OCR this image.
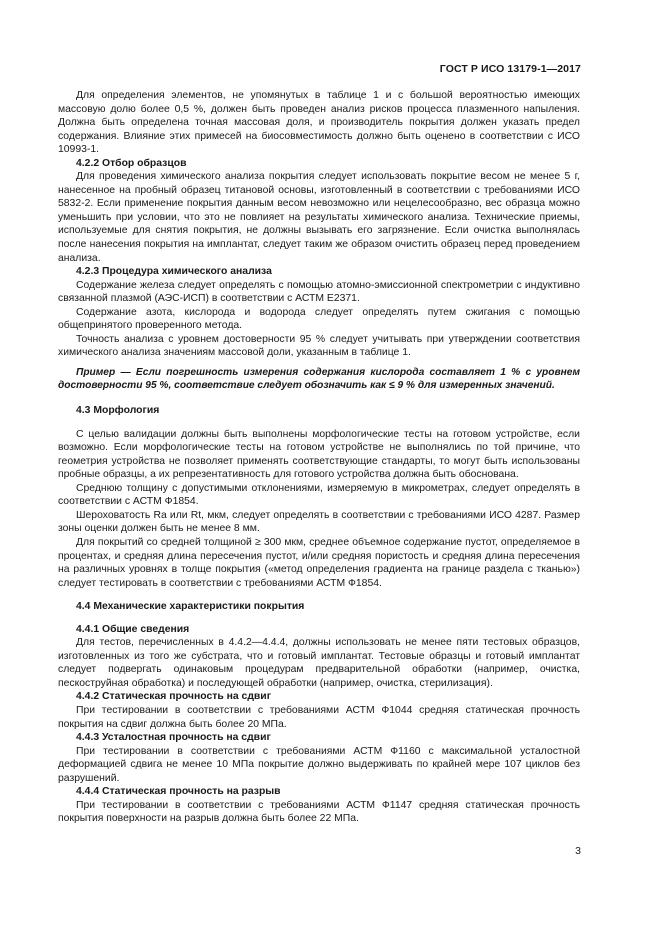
ГОСТ Р ИСО 13179-1—2017

Для определения элементов, не упомянутых в таблице 1 и с большой вероятностью имеющих массовую долю более 0,5 %, должен быть проведен анализ рисков процесса плазменного напыления. Должна быть определена точная массовая доля, и производитель покрытия должен указать предел содержания. Влияние этих примесей на биосовместимость должно быть оценено в соответствии с ИСО 10993-1.

4.2.2 Отбор образцов

Для проведения химического анализа покрытия следует использовать покрытие весом не менее 5 г, нанесенное на пробный образец титановой основы, изготовленный в соответствии с требованиями ИСО 5832-2. Если применение покрытия данным весом невозможно или нецелесообразно, вес образца можно уменьшить при условии, что это не повлияет на результаты химического анализа. Технические приемы, используемые для снятия покрытия, не должны вызывать его загрязнение. Если очистка выполнялась после нанесения покрытия на имплантат, следует таким же образом очистить образец перед проведением анализа.

4.2.3 Процедура химического анализа

Содержание железа следует определять с помощью атомно-эмиссионной спектрометрии с индуктивно связанной плазмой (АЭС-ИСП) в соответствии с АСТМ Е2371.

Содержание азота, кислорода и водорода следует определять путем сжигания с помощью общепринятого проверенного метода.

Точность анализа с уровнем достоверности 95 % следует учитывать при утверждении соответствия химического анализа значениям массовой доли, указанным в таблице 1.

Пример — Если погрешность измерения содержания кислорода составляет 1 % с уровнем достоверности 95 %, соответствие следует обозначить как ≤ 9 % для измеренных значений.

4.3 Морфология

С целью валидации должны быть выполнены морфологические тесты на готовом устройстве, если возможно. Если морфологические тесты на готовом устройстве не выполнялись по той причине, что геометрия устройства не позволяет применять соответствующие стандарты, то могут быть использованы пробные образцы, а их репрезентативность для готового устройства должна быть обоснована.

Среднюю толщину с допустимыми отклонениями, измеряемую в микрометрах, следует определять в соответствии с АСТМ Ф1854.

Шероховатость Ra или Rt, мкм, следует определять в соответствии с требованиями ИСО 4287. Размер зоны оценки должен быть не менее 8 мм.

Для покрытий со средней толщиной ≥ 300 мкм, среднее объемное содержание пустот, определяемое в процентах, и средняя длина пересечения пустот, и/или средняя пористость и средняя длина пересечения на различных уровнях в толще покрытия («метод определения градиента на границе раздела с тканью») следует тестировать в соответствии с требованиями АСТМ Ф1854.

4.4 Механические характеристики покрытия

4.4.1 Общие сведения

Для тестов, перечисленных в 4.4.2—4.4.4, должны использовать не менее пяти тестовых образцов, изготовленных из того же субстрата, что и готовый имплантат. Тестовые образцы и готовый имплантат следует подвергать одинаковым процедурам предварительной обработки (например, очистка, пескоструйная обработка) и последующей обработки (например, очистка, стерилизация).

4.4.2 Статическая прочность на сдвиг

При тестировании в соответствии с требованиями АСТМ Ф1044 средняя статическая прочность покрытия на сдвиг должна быть более 20 МПа.

4.4.3 Усталостная прочность на сдвиг

При тестировании в соответствии с требованиями АСТМ Ф1160 с максимальной усталостной деформацией сдвига не менее 10 МПа покрытие должно выдерживать по крайней мере 107 циклов без разрушений.

4.4.4 Статическая прочность на разрыв

При тестировании в соответствии с требованиями АСТМ Ф1147 средняя статическая прочность покрытия поверхности на разрыв должна быть более 22 МПа.

3
